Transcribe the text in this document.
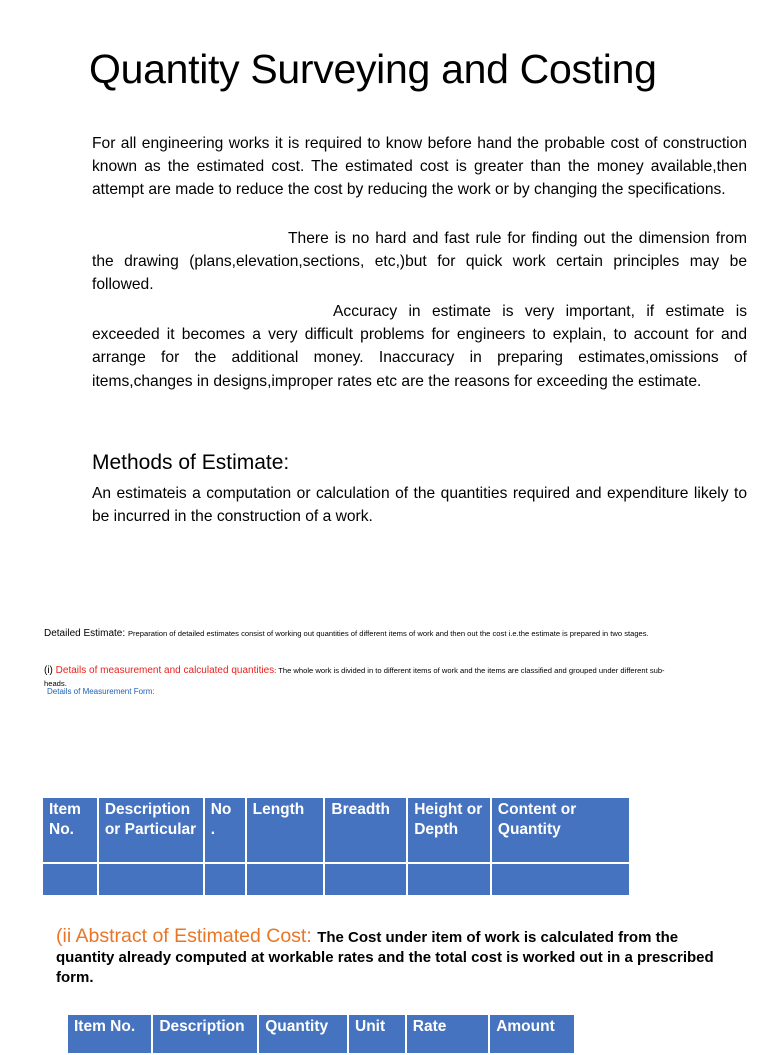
Quantity Surveying and Costing

For all engineering works it is required to know before hand the probable cost of construction known as the estimated cost. The estimated cost is greater than the money available,then attempt are made to reduce the cost by reducing the work or by changing the specifications.

There is no hard and fast rule for finding out the dimension from the drawing (plans,elevation,sections, etc,)but for quick work certain principles may be followed.

Accuracy in estimate is very important, if estimate is exceeded it becomes a very difficult problems for engineers to explain, to account for and arrange for the additional money. Inaccuracy in preparing estimates,omissions of items,changes in designs,improper rates etc are the reasons for exceeding the estimate.

Methods of Estimate:

An estimateis a computation or calculation of the quantities required and expenditure likely to be incurred in the construction of a work.

Detailed Estimate: Preparation of detailed estimates consist of working out quantities of different items of work and then out the cost i.e.the estimate is prepared in two stages.

(i) Details of measurement and calculated quantities: The whole work is divided in to different items of work and the items are classified and grouped under different sub-heads.

Details of Measurement Form:
Item No.	Description or Particular	No .	Length	Breadth	Height or Depth	Content or Quantity

(ii Abstract of Estimated Cost: The Cost under item of work is calculated from the quantity already computed at workable rates and the total cost is worked out in a prescribed form.

Item No.	Description	Quantity	Unit	Rate	Amount
